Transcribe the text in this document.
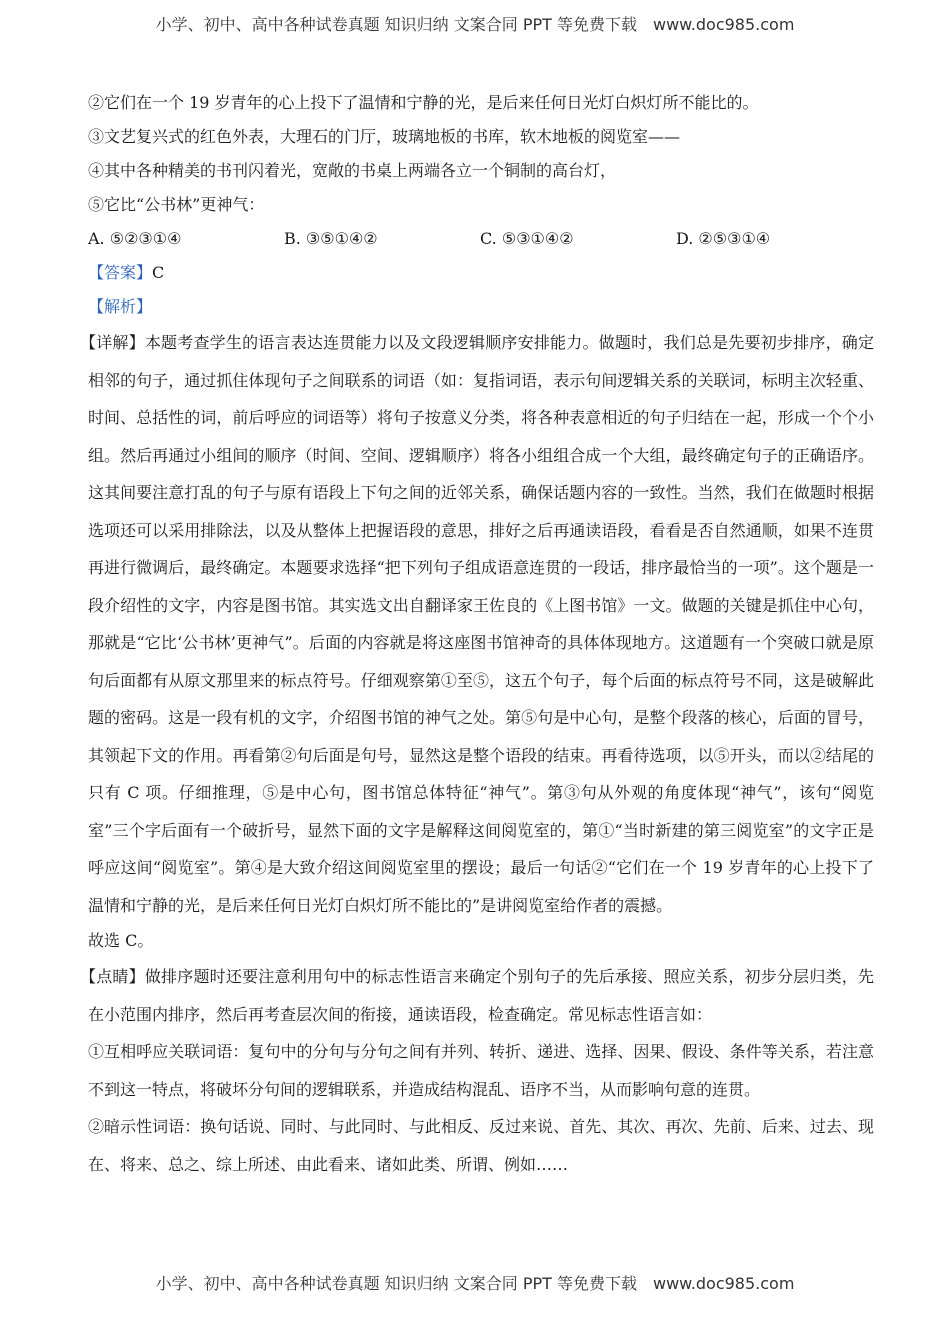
小学、初中、高中各种试卷真题 知识归纳 文案合同 PPT 等免费下载　www.doc985.com
②它们在一个 19 岁青年的心上投下了温情和宁静的光，是后来任何日光灯白炽灯所不能比的。
③文艺复兴式的红色外表，大理石的门厅，玻璃地板的书库，软木地板的阅览室——
④其中各种精美的书刊闪着光，宽敞的书桌上两端各立一个铜制的高台灯，
⑤它比“公书林”更神气：
A. ⑤②③①④	B. ③⑤①④②	C. ⑤③①④②	D. ②⑤③①④
【答案】C
【解析】
【详解】本题考查学生的语言表达连贯能力以及文段逻辑顺序安排能力。做题时，我们总是先要初步排序，确定相邻的句子，通过抓住体现句子之间联系的词语（如：复指词语，表示句间逻辑关系的关联词，标明主次轻重、时间、总括性的词，前后呼应的词语等）将句子按意义分类，将各种表意相近的句子归结在一起，形成一个个小组。然后再通过小组间的顺序（时间、空间、逻辑顺序）将各小组组合成一个大组，最终确定句子的正确语序。这其间要注意打乱的句子与原有语段上下句之间的近邻关系，确保话题内容的一致性。当然，我们在做题时根据选项还可以采用排除法，以及从整体上把握语段的意思，排好之后再通读语段，看看是否自然通顺，如果不连贯再进行微调后，最终确定。本题要求选择“把下列句子组成语意连贯的一段话，排序最恰当的一项”。这个题是一段介绍性的文字，内容是图书馆。其实选文出自翻译家王佐良的《上图书馆》一文。做题的关键是抓住中心句，那就是“它比‘公书林’更神气”。后面的内容就是将这座图书馆神奇的具体体现地方。这道题有一个突破口就是原句后面都有从原文那里来的标点符号。仔细观察第①至⑤，这五个句子，每个后面的标点符号不同，这是破解此题的密码。这是一段有机的文字，介绍图书馆的神气之处。第⑤句是中心句，是整个段落的核心，后面的冒号，其领起下文的作用。再看第②句后面是句号，显然这是整个语段的结束。再看待选项，以⑤开头，而以②结尾的只有 C 项。仔细推理，⑤是中心句，图书馆总体特征“神气”。第③句从外观的角度体现“神气”，该句“阅览室”三个字后面有一个破折号，显然下面的文字是解释这间阅览室的，第①“当时新建的第三阅览室”的文字正是呼应这间“阅览室”。第④是大致介绍这间阅览室里的摆设；最后一句话②“它们在一个 19 岁青年的心上投下了温情和宁静的光，是后来任何日光灯白炽灯所不能比的”是讲阅览室给作者的震撼。
故选 C。
【点睛】做排序题时还要注意利用句中的标志性语言来确定个别句子的先后承接、照应关系，初步分层归类，先在小范围内排序，然后再考查层次间的衔接，通读语段，检查确定。常见标志性语言如：
①互相呼应关联词语：复句中的分句与分句之间有并列、转折、递进、选择、因果、假设、条件等关系，若注意不到这一特点，将破坏分句间的逻辑联系，并造成结构混乱、语序不当，从而影响句意的连贯。
②暗示性词语：换句话说、同时、与此同时、与此相反、反过来说、首先、其次、再次、先前、后来、过去、现在、将来、总之、综上所述、由此看来、诸如此类、所谓、例如……
小学、初中、高中各种试卷真题 知识归纳 文案合同 PPT 等免费下载　www.doc985.com
